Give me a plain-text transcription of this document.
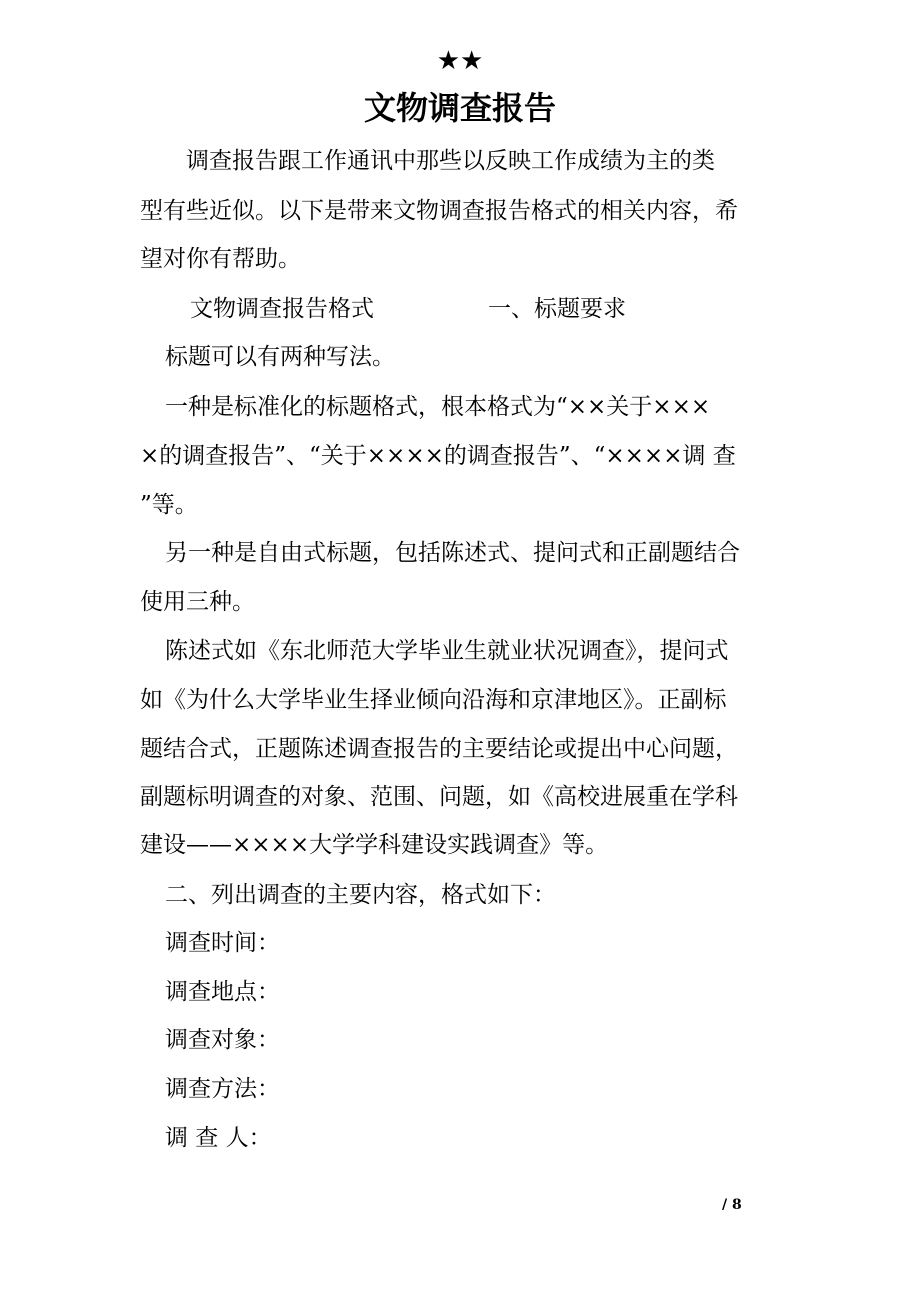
★★
文物调查报告
调查报告跟工作通讯中那些以反映工作成绩为主的类
型有些近似。以下是带来文物调查报告格式的相关内容，希
望对你有帮助。
文物调查报告格式	一、标题要求
标题可以有两种写法。
一种是标准化的标题格式，根本格式为“××关于×××
×的调查报告”、“关于××××的调查报告”、“××××调 查
”等。
另一种是自由式标题，包括陈述式、提问式和正副题结合
使用三种。
陈述式如《东北师范大学毕业生就业状况调查》，提问式
如《为什么大学毕业生择业倾向沿海和京津地区》。正副标
题结合式，正题陈述调查报告的主要结论或提出中心问题，
副题标明调查的对象、范围、问题，如《高校进展重在学科
建设——××××大学学科建设实践调查》等。
二、列出调查的主要内容，格式如下：
调查时间：
调查地点：
调查对象：
调查方法：
调 查 人：
/ 8
